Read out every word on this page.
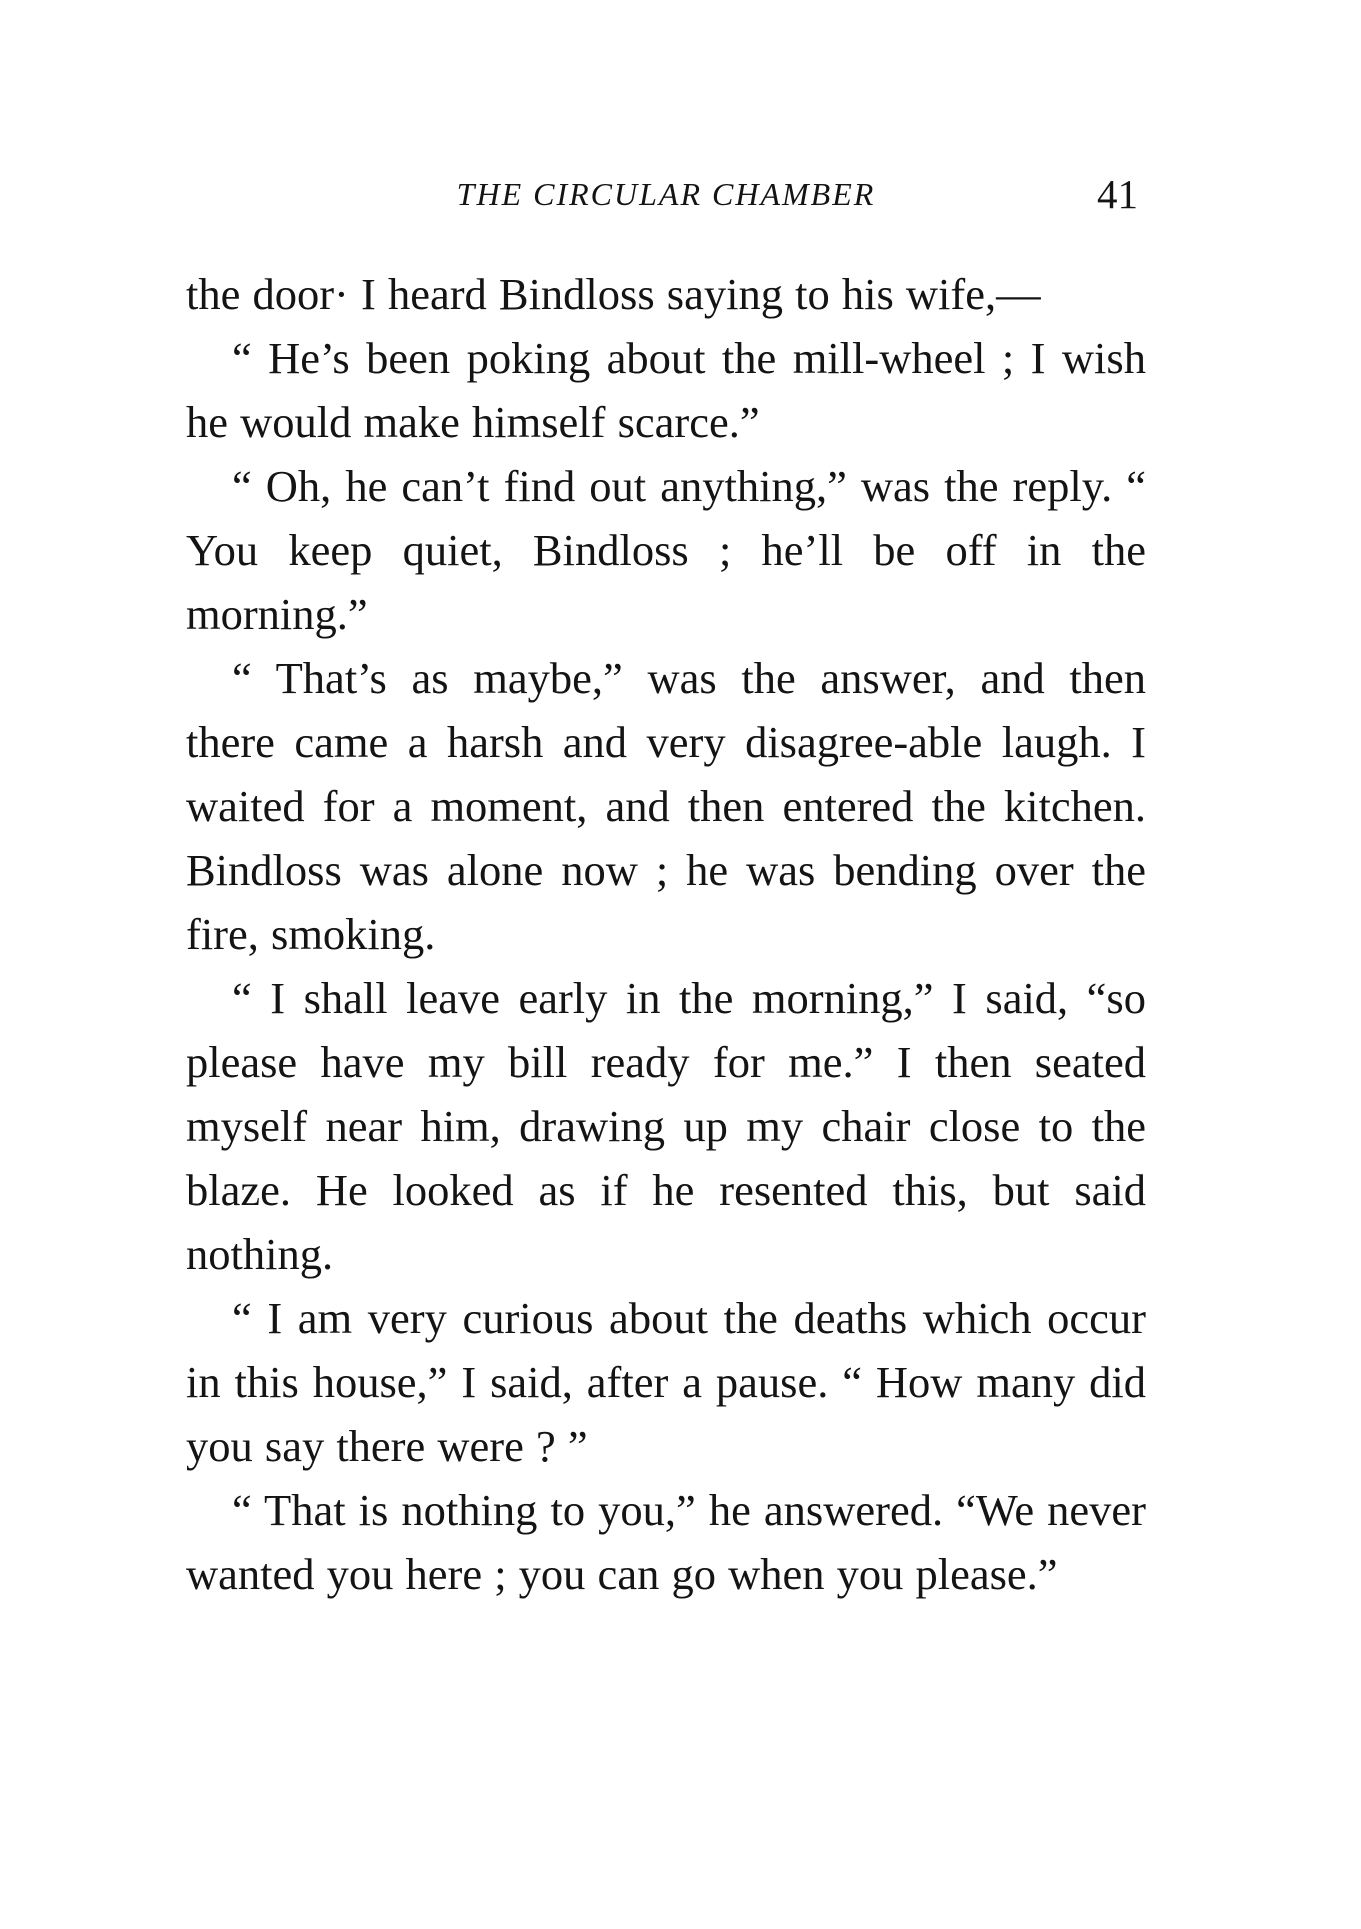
THE CIRCULAR CHAMBER	41

the door· I heard Bindloss saying to his wife,—

“ He’s been poking about the mill-wheel ; I wish he would make himself scarce.”

“ Oh, he can’t find out anything,” was the reply. “ You keep quiet, Bindloss ; he’ll be off in the morning.”

“ That’s as maybe,” was the answer, and then there came a harsh and very disagree-able laugh. I waited for a moment, and then entered the kitchen. Bindloss was alone now ; he was bending over the fire, smoking.

“ I shall leave early in the morning,” I said, “so please have my bill ready for me.” I then seated myself near him, drawing up my chair close to the blaze. He looked as if he resented this, but said nothing.

“ I am very curious about the deaths which occur in this house,” I said, after a pause. “ How many did you say there were ? ”

“ That is nothing to you,” he answered. “We never wanted you here ; you can go when you please.”
